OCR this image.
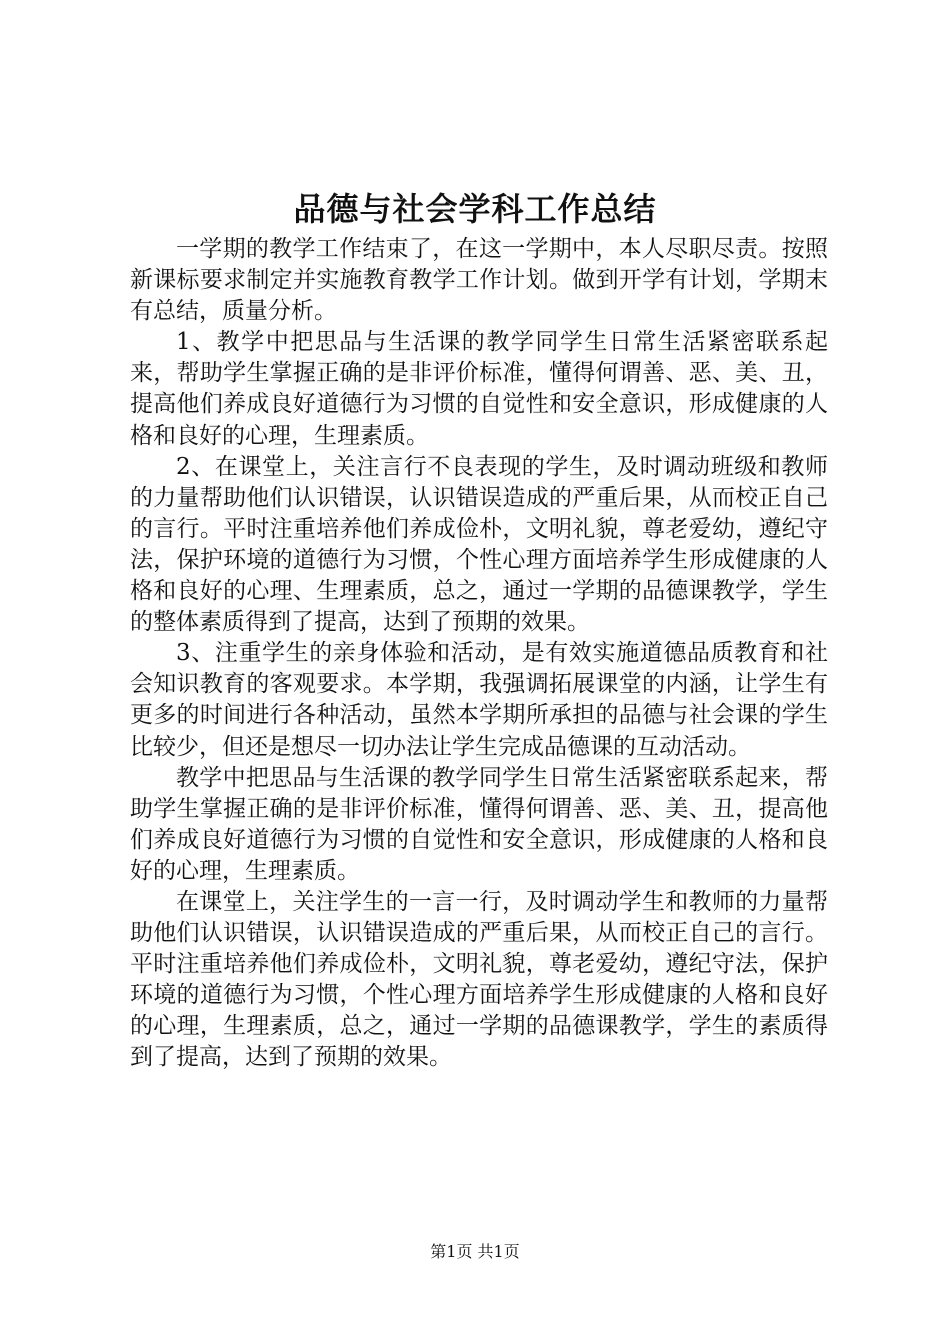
品德与社会学科工作总结

一学期的教学工作结束了，在这一学期中，本人尽职尽责。按照新课标要求制定并实施教育教学工作计划。做到开学有计划，学期末有总结，质量分析。

1、教学中把思品与生活课的教学同学生日常生活紧密联系起来，帮助学生掌握正确的是非评价标准，懂得何谓善、恶、美、丑，提高他们养成良好道德行为习惯的自觉性和安全意识，形成健康的人格和良好的心理，生理素质。

2、在课堂上，关注言行不良表现的学生，及时调动班级和教师的力量帮助他们认识错误，认识错误造成的严重后果，从而校正自己的言行。平时注重培养他们养成俭朴，文明礼貌，尊老爱幼，遵纪守法，保护环境的道德行为习惯，个性心理方面培养学生形成健康的人格和良好的心理、生理素质，总之，通过一学期的品德课教学，学生的整体素质得到了提高，达到了预期的效果。

3、注重学生的亲身体验和活动，是有效实施道德品质教育和社会知识教育的客观要求。本学期，我强调拓展课堂的内涵，让学生有更多的时间进行各种活动，虽然本学期所承担的品德与社会课的学生比较少，但还是想尽一切办法让学生完成品德课的互动活动。

教学中把思品与生活课的教学同学生日常生活紧密联系起来，帮助学生掌握正确的是非评价标准，懂得何谓善、恶、美、丑，提高他们养成良好道德行为习惯的自觉性和安全意识，形成健康的人格和良好的心理，生理素质。

在课堂上，关注学生的一言一行，及时调动学生和教师的力量帮助他们认识错误，认识错误造成的严重后果，从而校正自己的言行。平时注重培养他们养成俭朴，文明礼貌，尊老爱幼，遵纪守法，保护环境的道德行为习惯，个性心理方面培养学生形成健康的人格和良好的心理，生理素质，总之，通过一学期的品德课教学，学生的素质得到了提高，达到了预期的效果。

第1页 共1页
